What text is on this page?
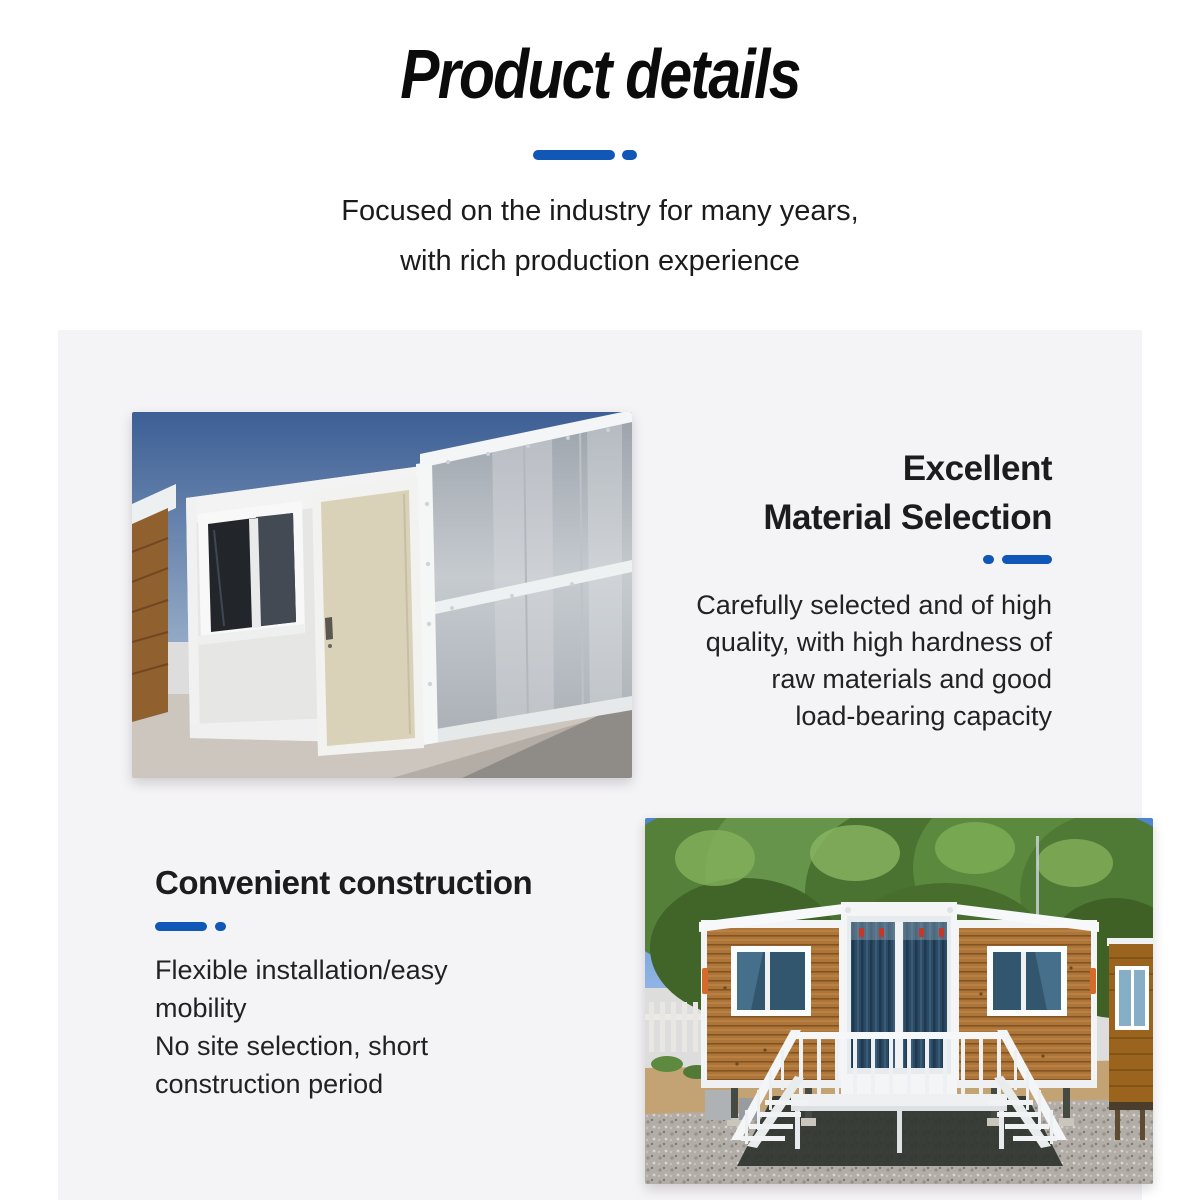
Product details

Focused on the industry for many years,
with rich production experience

Excellent
Material Selection

Carefully selected and of high
quality, with high hardness of
raw materials and good
load-bearing capacity

Convenient construction

Flexible installation/easy
mobility
No site selection, short
construction period
